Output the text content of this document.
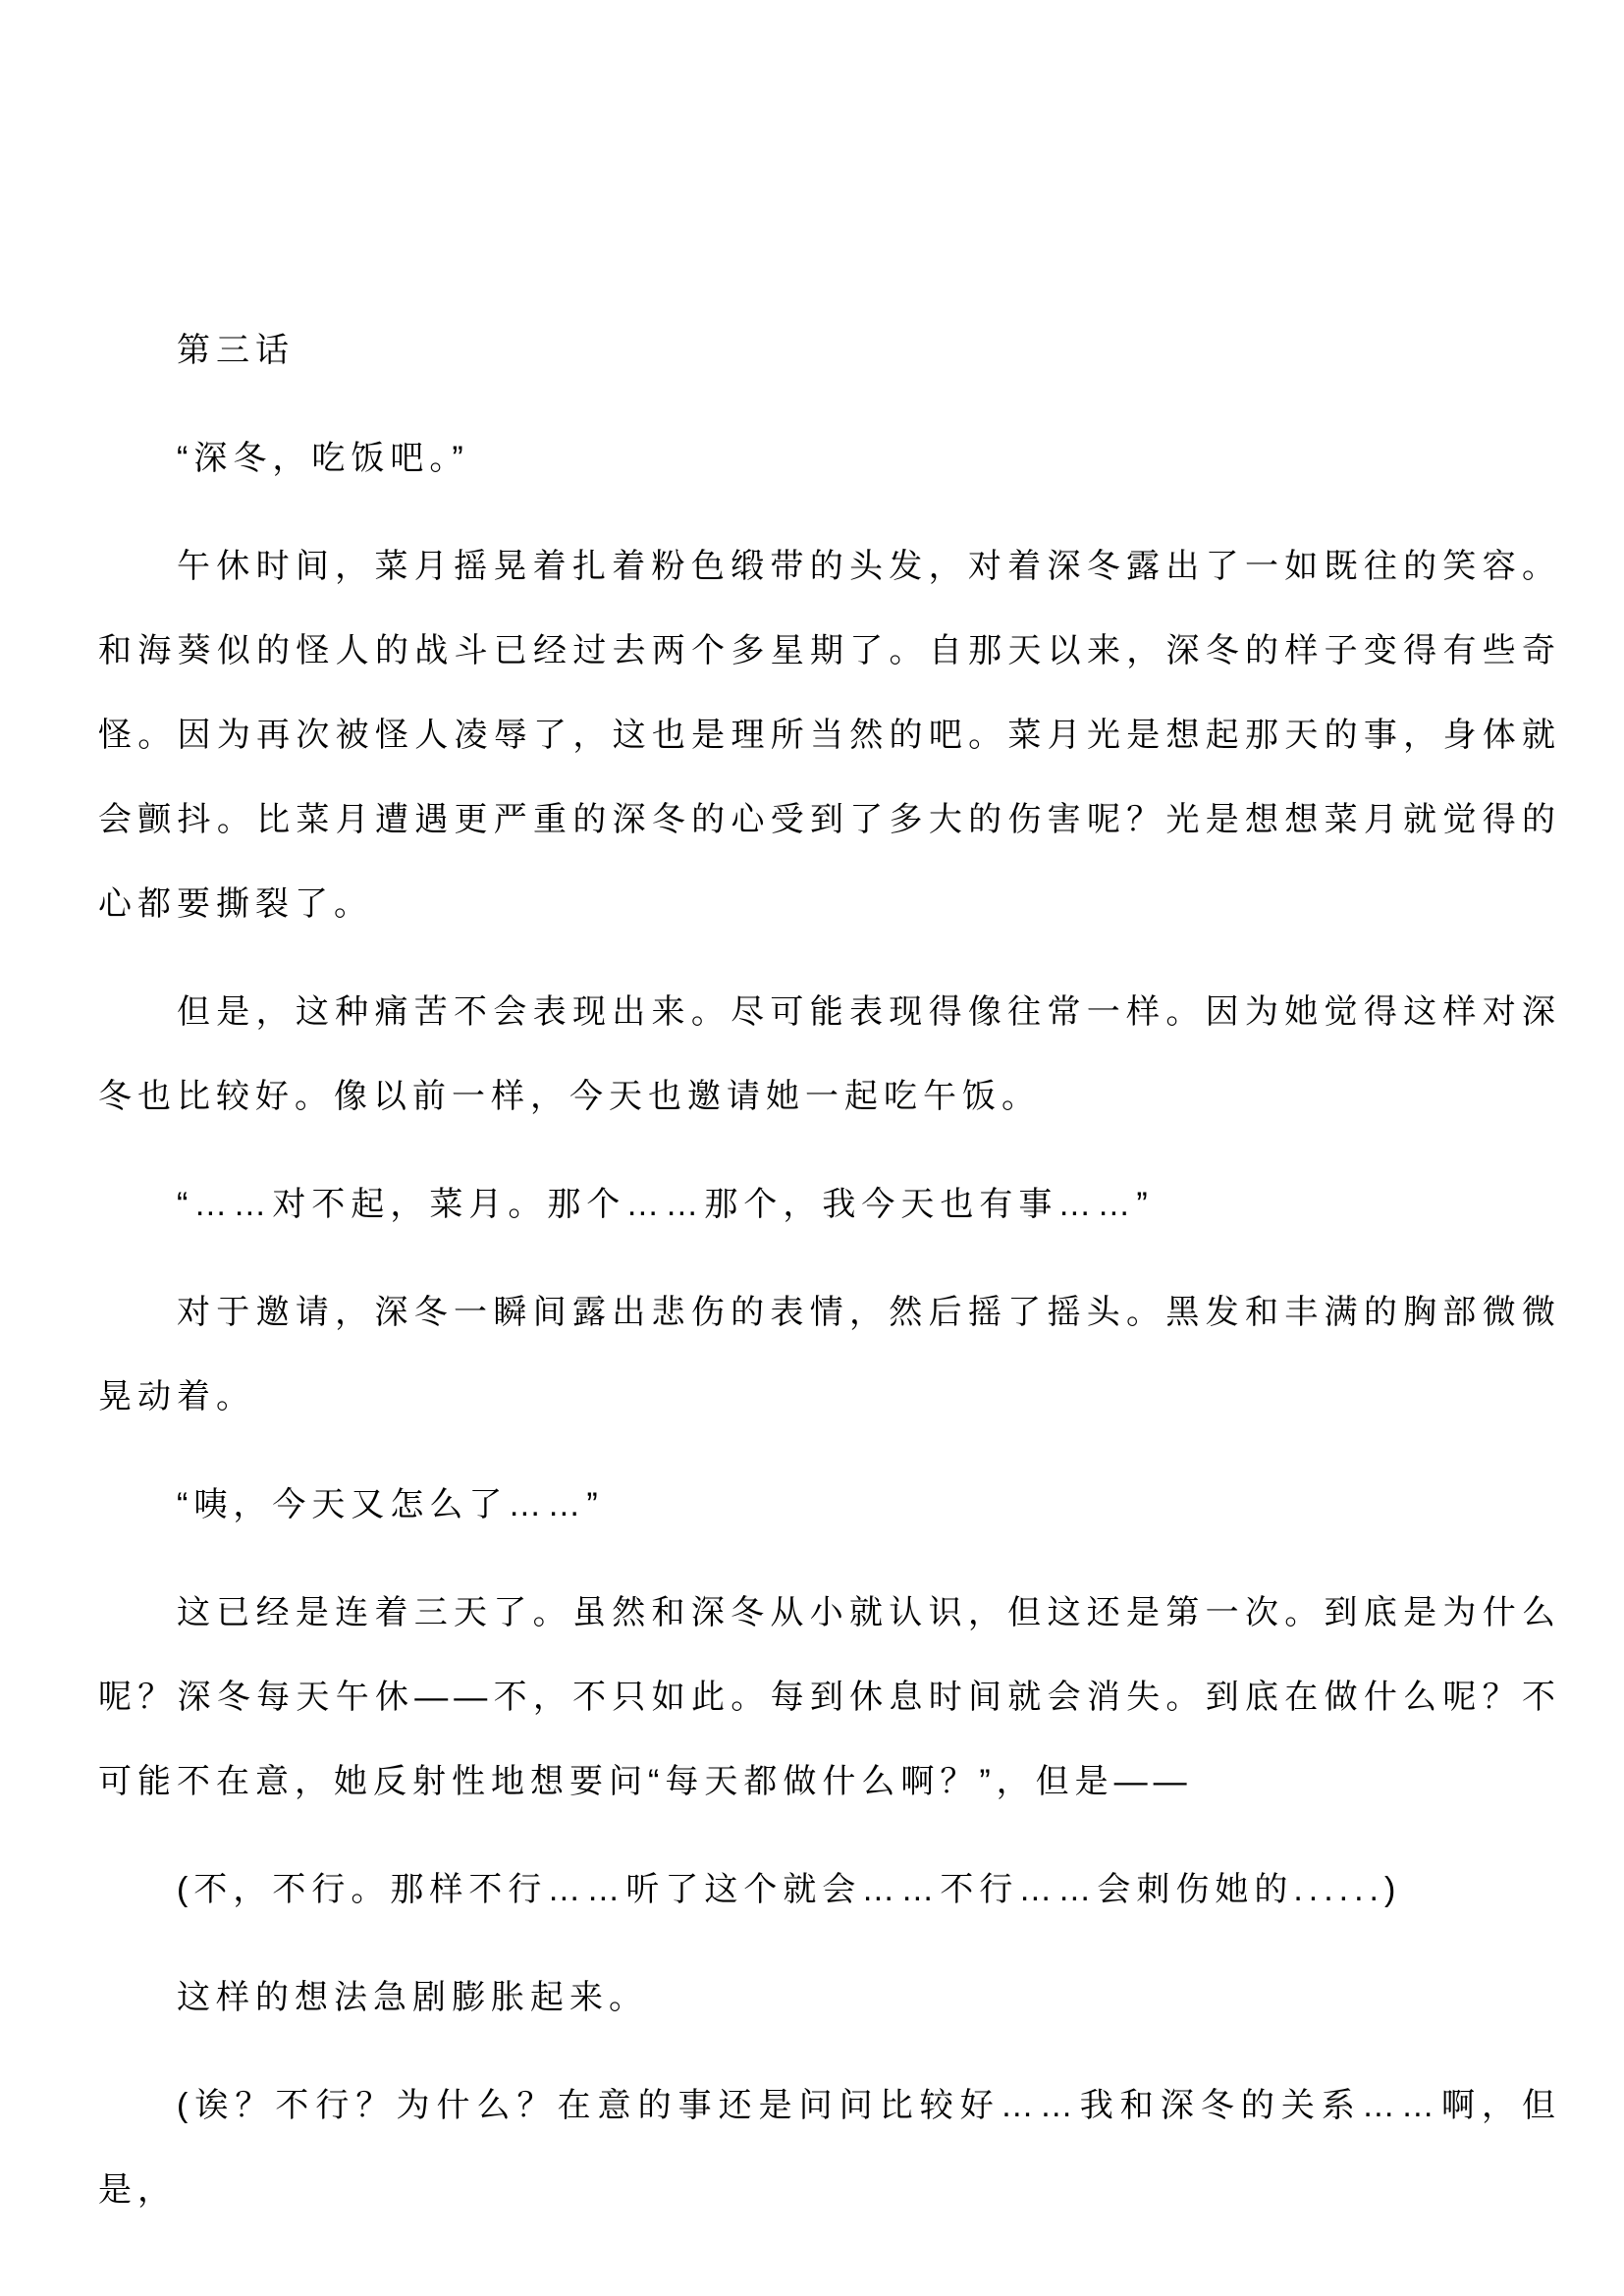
第三话

“深冬，吃饭吧。”

午休时间，菜月摇晃着扎着粉色缎带的头发，对着深冬露出了一如既往的笑容。和海葵似的怪人的战斗已经过去两个多星期了。自那天以来，深冬的样子变得有些奇怪。因为再次被怪人凌辱了，这也是理所当然的吧。菜月光是想起那天的事，身体就会颤抖。比菜月遭遇更严重的深冬的心受到了多大的伤害呢？光是想想菜月就觉得的心都要撕裂了。

但是，这种痛苦不会表现出来。尽可能表现得像往常一样。因为她觉得这样对深冬也比较好。像以前一样，今天也邀请她一起吃午饭。

“……对不起，菜月。那个……那个，我今天也有事……”

对于邀请，深冬一瞬间露出悲伤的表情，然后摇了摇头。黑发和丰满的胸部微微晃动着。

“咦，今天又怎么了……”

这已经是连着三天了。虽然和深冬从小就认识，但这还是第一次。到底是为什么呢？深冬每天午休——不，不只如此。每到休息时间就会消失。到底在做什么呢？不可能不在意，她反射性地想要问“每天都做什么啊？”，但是——

(不，不行。那样不行……听了这个就会……不行……会刺伤她的......)

这样的想法急剧膨胀起来。

(诶？不行？为什么？在意的事还是问问比较好……我和深冬的关系……啊，但是，
